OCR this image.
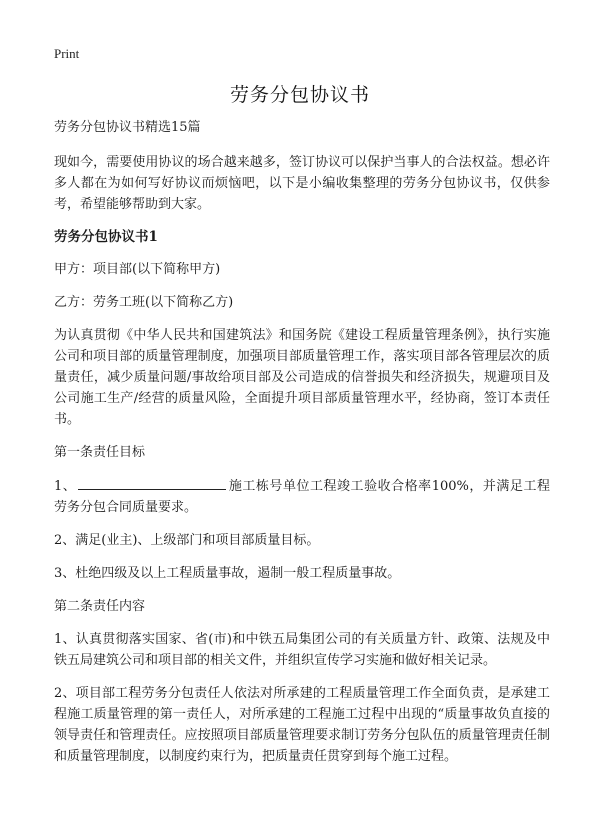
Print
劳务分包协议书

劳务分包协议书精选15篇

现如今，需要使用协议的场合越来越多，签订协议可以保护当事人的合法权益。想必许多人都在为如何写好协议而烦恼吧，以下是小编收集整理的劳务分包协议书，仅供参考，希望能够帮助到大家。

劳务分包协议书1

甲方：项目部(以下简称甲方)

乙方：劳务工班(以下简称乙方)

为认真贯彻《中华人民共和国建筑法》和国务院《建设工程质量管理条例》，执行实施公司和项目部的质量管理制度，加强项目部质量管理工作，落实项目部各管理层次的质量责任，减少质量问题/事故给项目部及公司造成的信誉损失和经济损失，规避项目及公司施工生产/经营的质量风险，全面提升项目部质量管理水平，经协商，签订本责任书。

第一条责任目标

1、	施工栋号单位工程竣工验收合格率100%，并满足工程劳务分包合同质量要求。

2、满足(业主)、上级部门和项目部质量目标。

3、杜绝四级及以上工程质量事故，遏制一般工程质量事故。

第二条责任内容

1、认真贯彻落实国家、省(市)和中铁五局集团公司的有关质量方针、政策、法规及中铁五局建筑公司和项目部的相关文件，并组织宣传学习实施和做好相关记录。

2、项目部工程劳务分包责任人依法对所承建的工程质量管理工作全面负责，是承建工程施工质量管理的第一责任人，对所承建的工程施工过程中出现的“质量事故负直接的领导责任和管理责任。应按照项目部质量管理要求制订劳务分包队伍的质量管理责任制和质量管理制度，以制度约束行为，把质量责任贯穿到每个施工过程。
